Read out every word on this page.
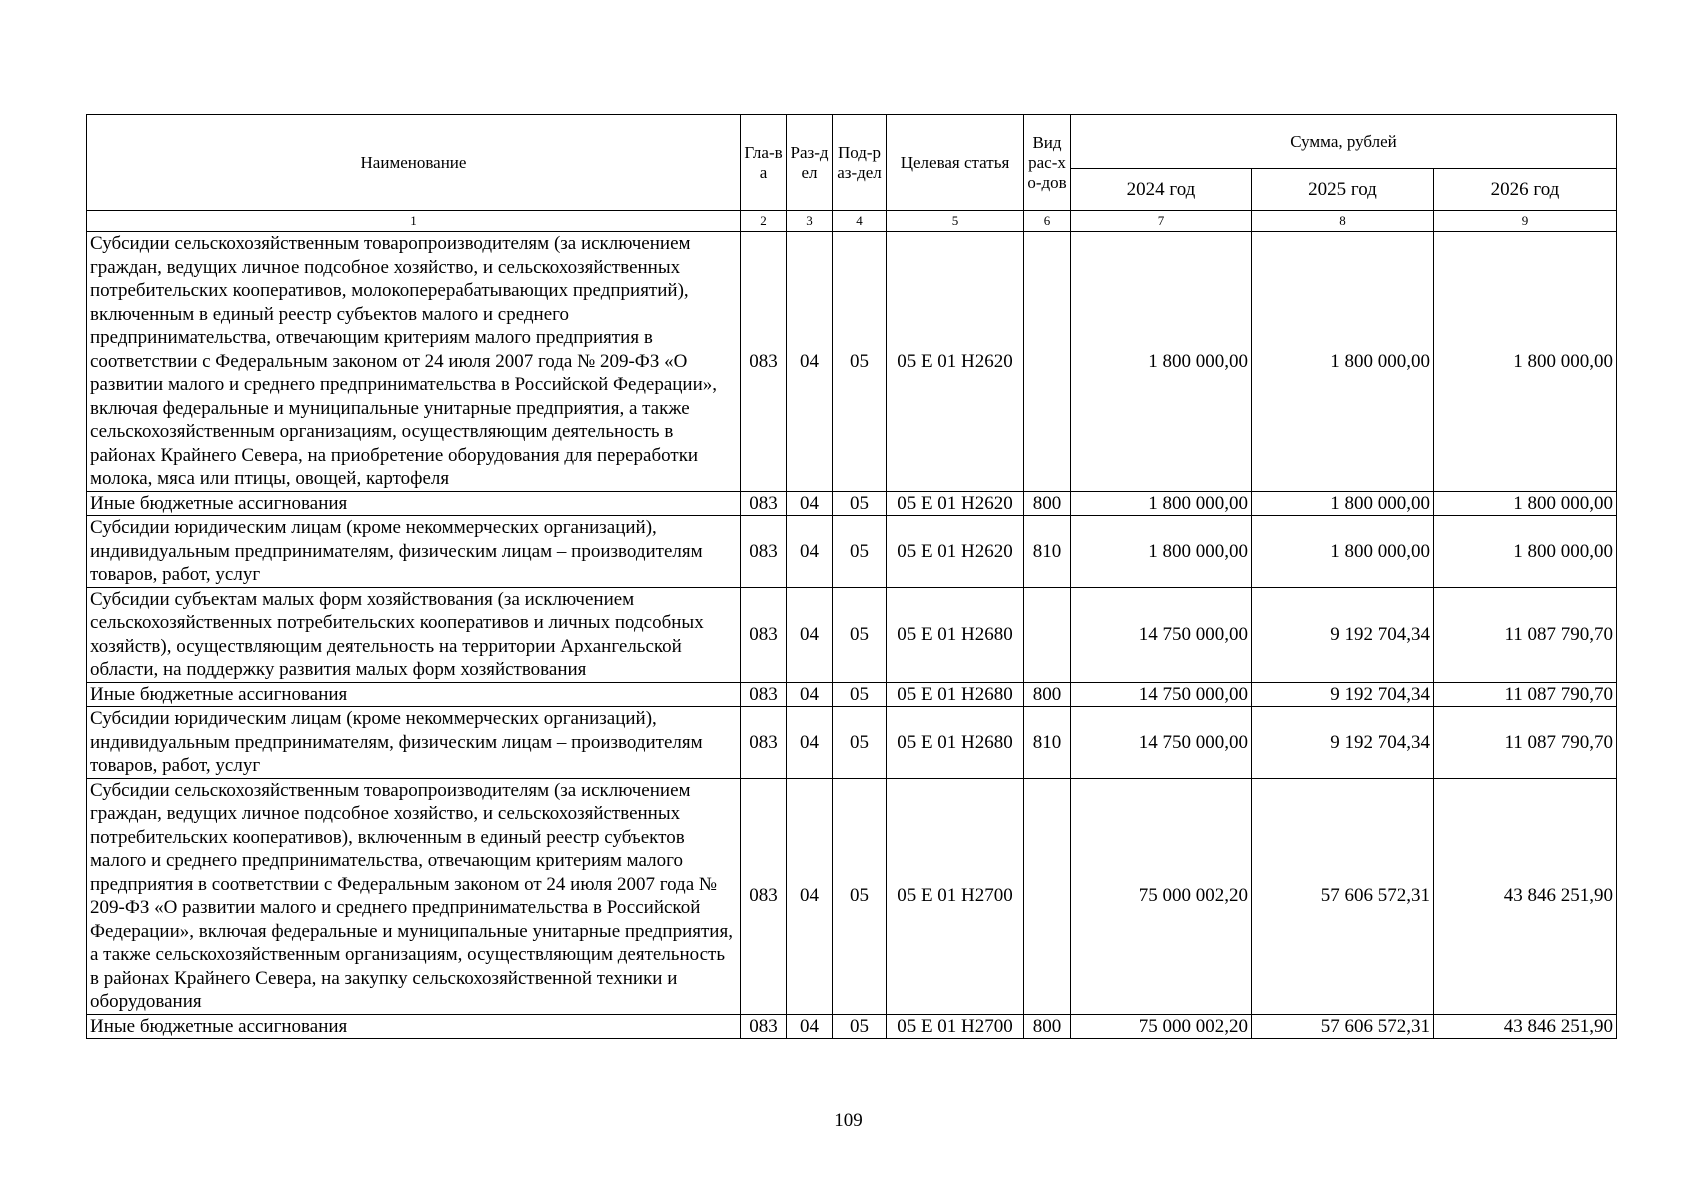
Наименование	Гла-ва	Раз-дел	Под-раз-дел	Целевая статья	Вид рас-хо-дов	Сумма, рублей		
						2024 год	2025 год	2026 год
1	2	3	4	5	6	7	8	9
Субсидии сельскохозяйственным товаропроизводителям (за исключением граждан, ведущих личное подсобное хозяйство, и сельскохозяйственных потребительских кооперативов, молокоперерабатывающих предприятий), включенным в единый реестр субъектов малого и среднего предпринимательства, отвечающим критериям малого предприятия в соответствии с Федеральным законом от 24 июля 2007 года № 209-ФЗ «О развитии малого и среднего предпринимательства в Российской Федерации», включая федеральные и муниципальные унитарные предприятия, а также сельскохозяйственным организациям, осуществляющим деятельность в районах Крайнего Севера, на приобретение оборудования для переработки молока, мяса или птицы, овощей, картофеля	083	04	05	05 Е 01 Н2620		1 800 000,00	1 800 000,00	1 800 000,00
Иные бюджетные ассигнования	083	04	05	05 Е 01 Н2620	800	1 800 000,00	1 800 000,00	1 800 000,00
Субсидии юридическим лицам (кроме некоммерческих организаций), индивидуальным предпринимателям, физическим лицам – производителям товаров, работ, услуг	083	04	05	05 Е 01 Н2620	810	1 800 000,00	1 800 000,00	1 800 000,00
Субсидии субъектам малых форм хозяйствования (за исключением сельскохозяйственных потребительских кооперативов и личных подсобных хозяйств), осуществляющим деятельность на территории Архангельской области, на поддержку развития малых форм хозяйствования	083	04	05	05 Е 01 Н2680		14 750 000,00	9 192 704,34	11 087 790,70
Иные бюджетные ассигнования	083	04	05	05 Е 01 Н2680	800	14 750 000,00	9 192 704,34	11 087 790,70
Субсидии юридическим лицам (кроме некоммерческих организаций), индивидуальным предпринимателям, физическим лицам – производителям товаров, работ, услуг	083	04	05	05 Е 01 Н2680	810	14 750 000,00	9 192 704,34	11 087 790,70
Субсидии сельскохозяйственным товаропроизводителям (за исключением граждан, ведущих личное подсобное хозяйство, и сельскохозяйственных потребительских кооперативов), включенным в единый реестр субъектов малого и среднего предпринимательства, отвечающим критериям малого предприятия в соответствии с Федеральным законом от 24 июля 2007 года № 209-ФЗ «О развитии малого и среднего предпринимательства в Российской Федерации», включая федеральные и муниципальные унитарные предприятия, а также сельскохозяйственным организациям, осуществляющим деятельность в районах Крайнего Севера, на закупку сельскохозяйственной техники и оборудования	083	04	05	05 Е 01 Н2700		75 000 002,20	57 606 572,31	43 846 251,90
Иные бюджетные ассигнования	083	04	05	05 Е 01 Н2700	800	75 000 002,20	57 606 572,31	43 846 251,90
109
